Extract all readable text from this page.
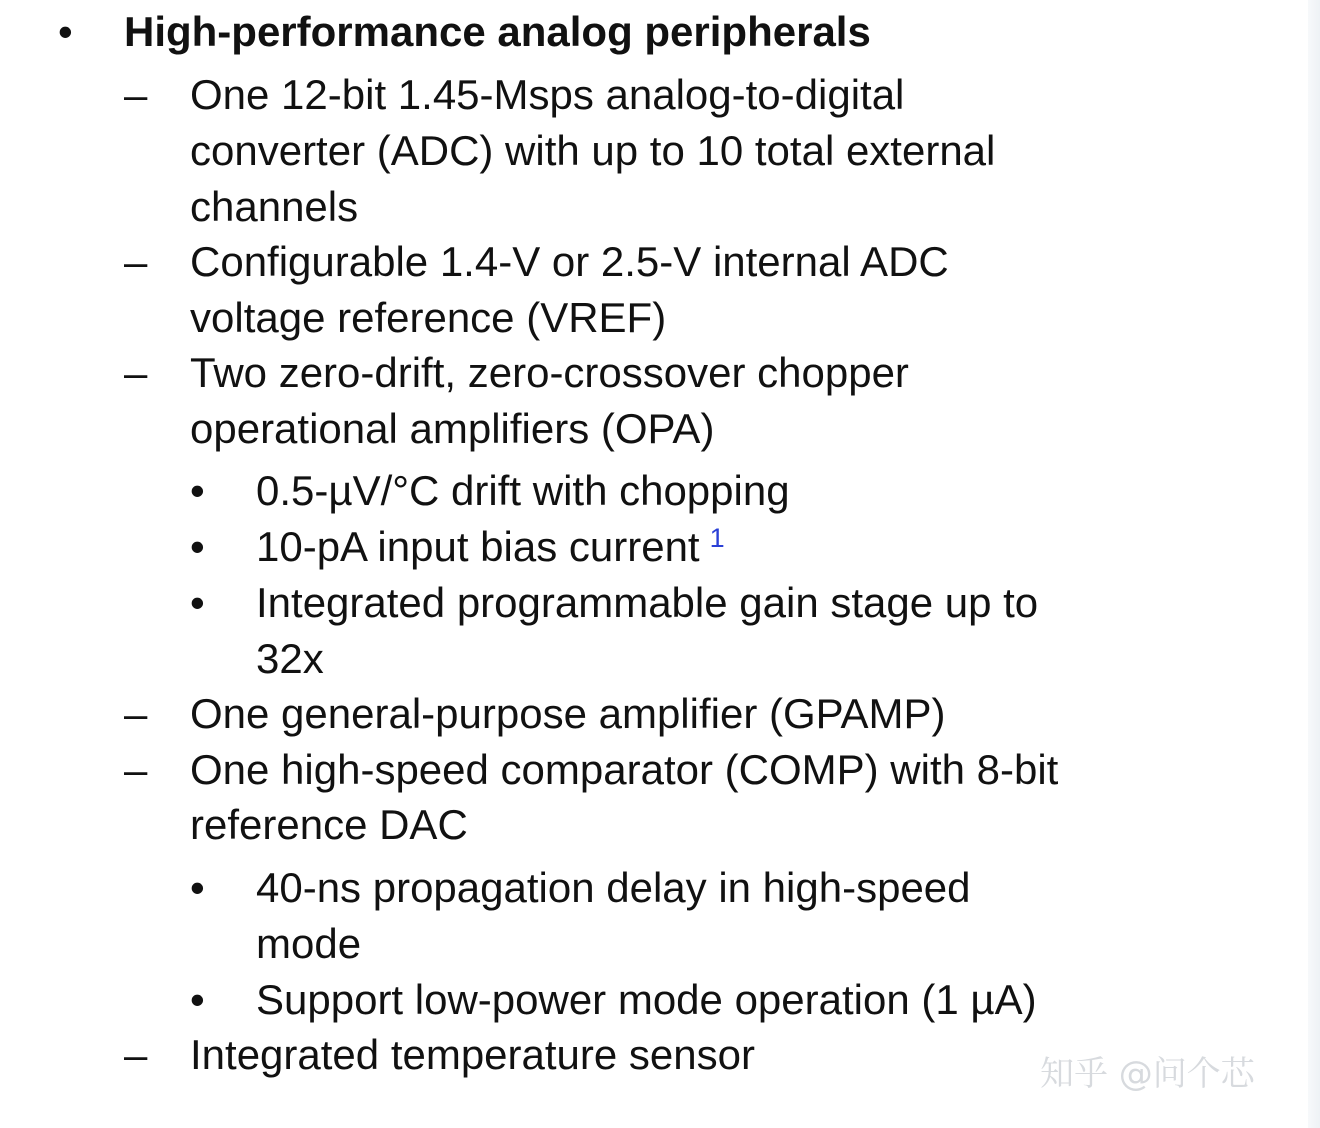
• High-performance analog peripherals
– One 12-bit 1.45-Msps analog-to-digital
converter (ADC) with up to 10 total external
channels
– Configurable 1.4-V or 2.5-V internal ADC
voltage reference (VREF)
– Two zero-drift, zero-crossover chopper
operational amplifiers (OPA)
• 0.5-µV/°C drift with chopping
• 10-pA input bias current $^1$
• Integrated programmable gain stage up to
32x
– One general-purpose amplifier (GPAMP)
– One high-speed comparator (COMP) with 8-bit
reference DAC
• 40-ns propagation delay in high-speed
mode
• Support low-power mode operation (1 µA)
– Integrated temperature sensor	知乎 @问个芯
